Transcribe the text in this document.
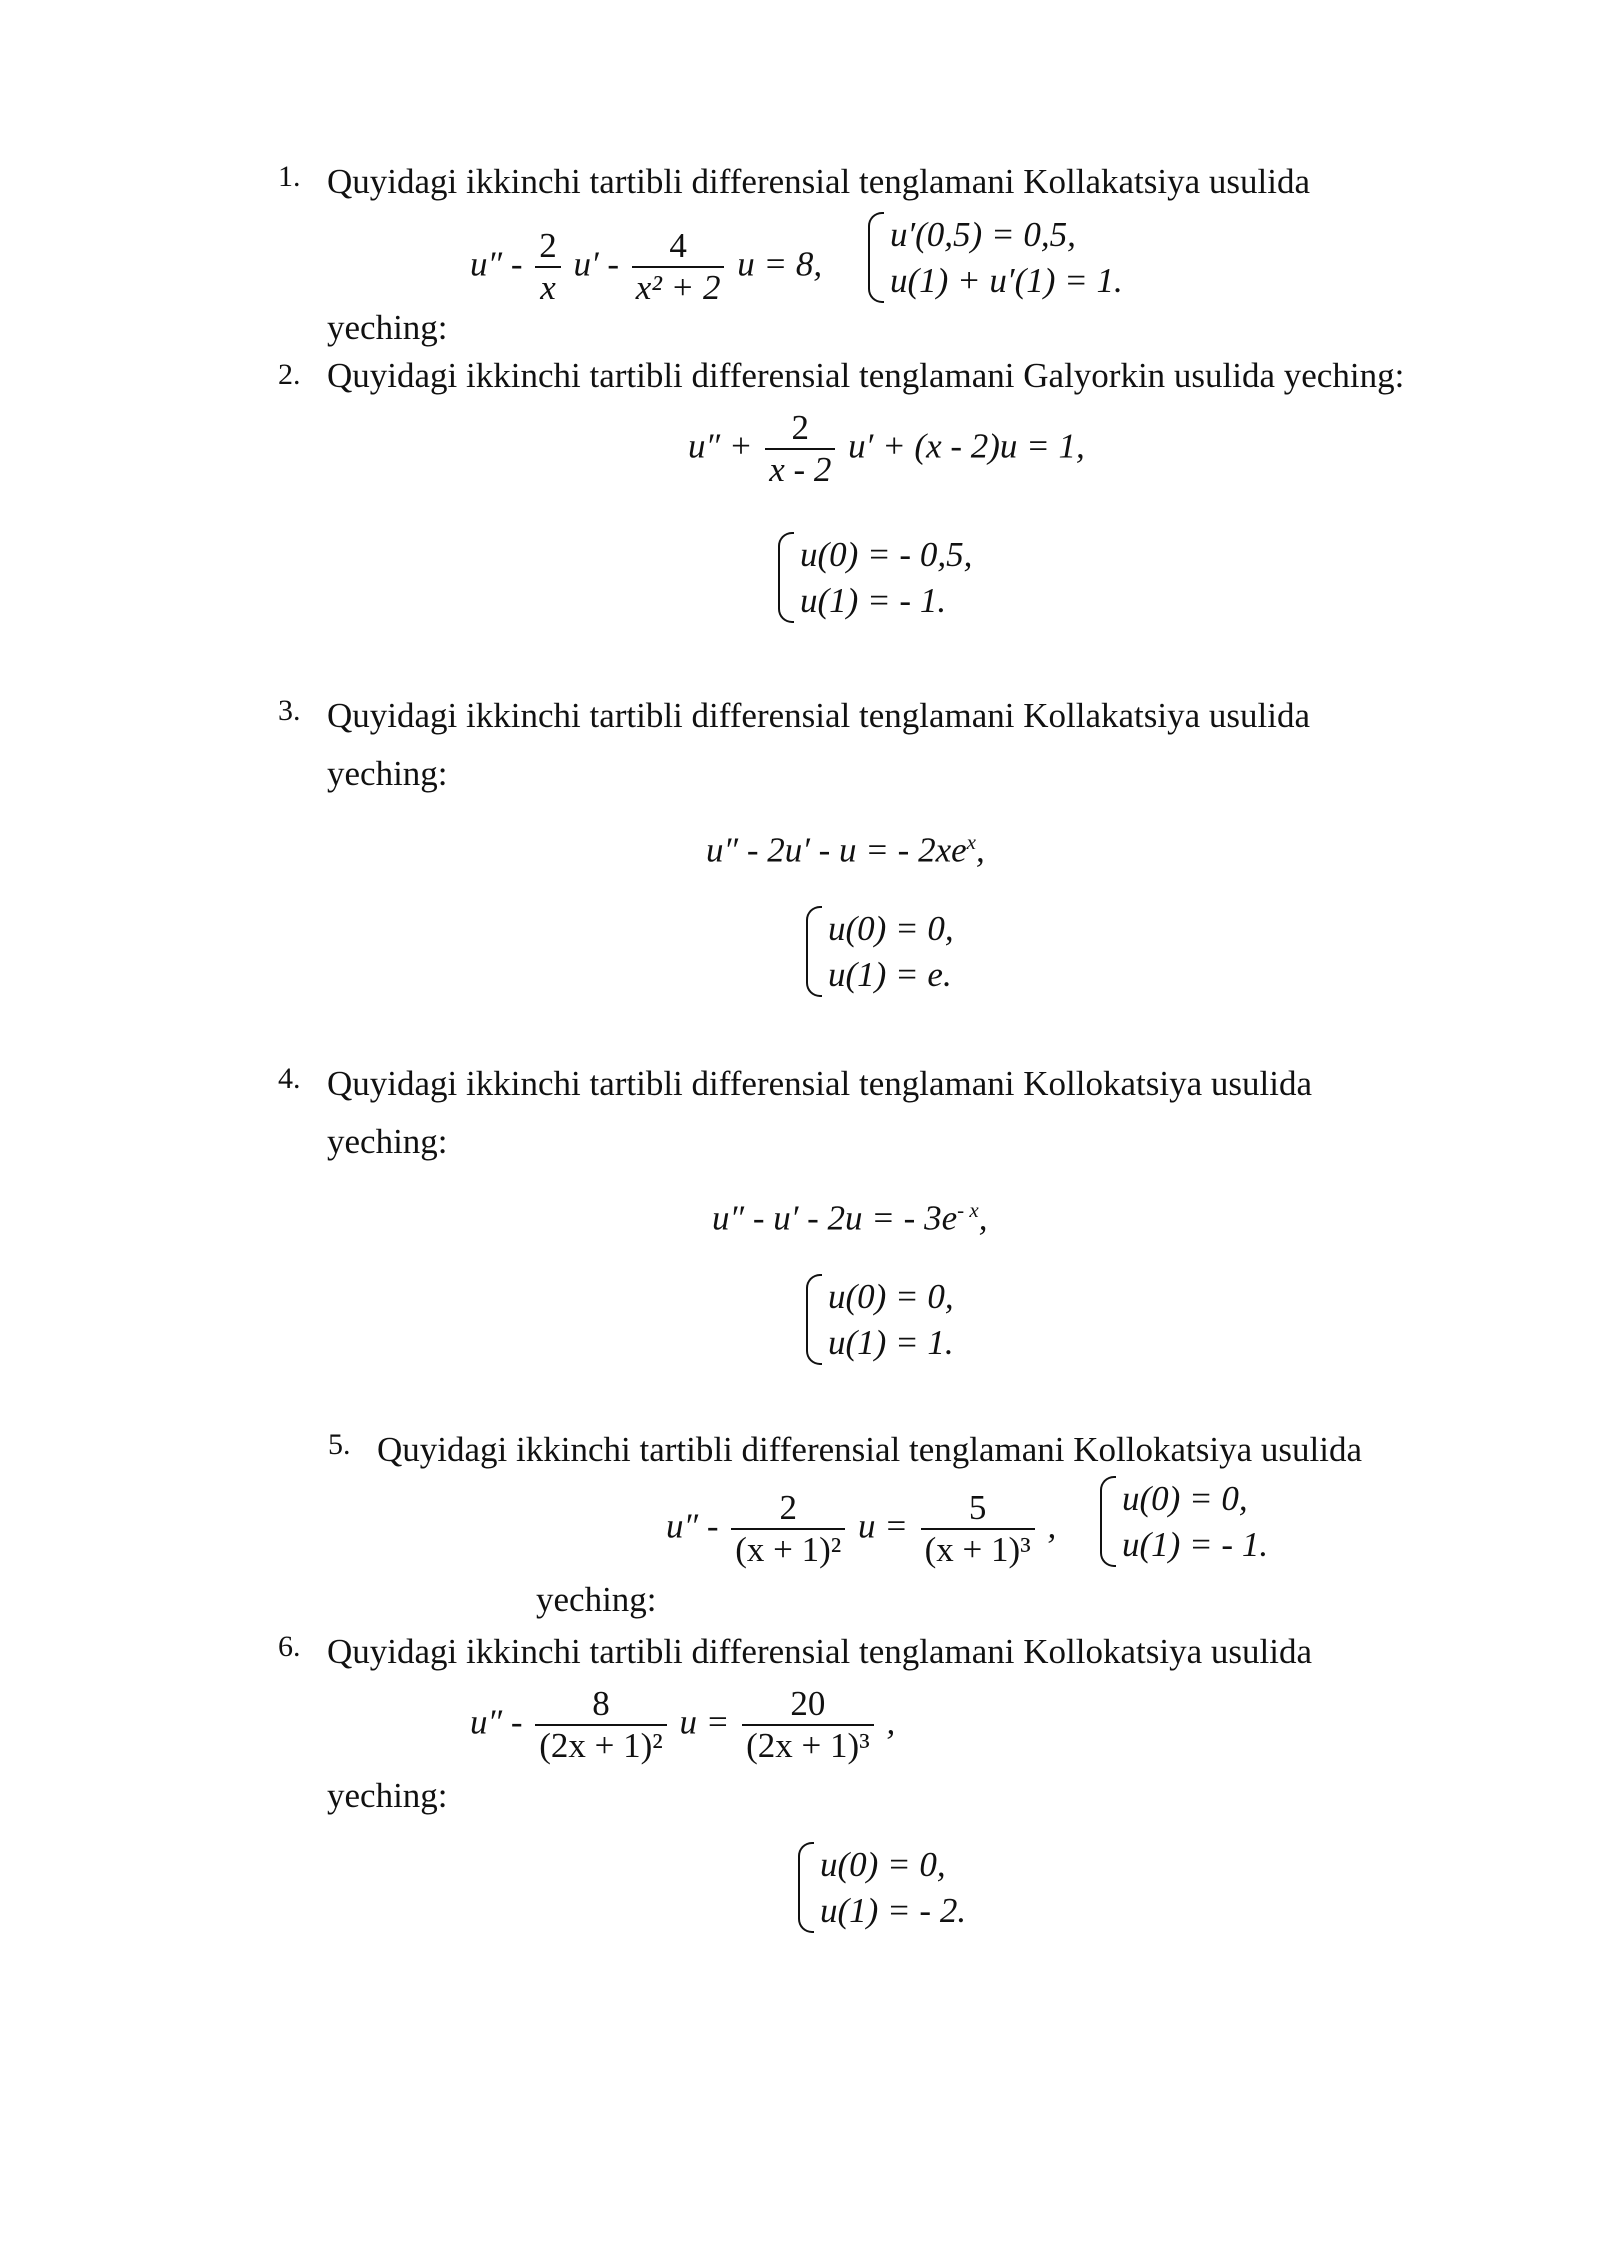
1. Quyidagi ikkinchi tartibli differensial tenglamani Kollakatsiya usulida
$u'' - \frac{2}{x} u' - \frac{4}{\text{x² + 2}}$ u = 8,
u′(0,5) = 0,5,
u(1) + u′(1) = 1.
yeching:
2. Quyidagi ikkinchi tartibli differensial tenglamani Galyorkin usulida yeching:
$u'' + \frac{2}{x - 2} u' + (x - 2)u = 1$,
u(0) = - 0,5,
u(1) = - 1.
3. Quyidagi ikkinchi tartibli differensial tenglamani Kollakatsiya usulida
yeching:
u″ - 2u′ - u = - $2xe^x$,
u(0) = 0,
u(1) = e.
4. Quyidagi ikkinchi tartibli differensial tenglamani Kollokatsiya usulida
yeching:
u″ - u′ - 2u = - $3e^{- x}$,
u(0) = 0,
u(1) = 1.
5. Quyidagi ikkinchi tartibli differensial tenglamani Kollokatsiya usulida
$u'' - \frac{2}{\text{(x + 1)²}}$ $u = \frac{5}{\text{(x + 1)³}}$ ,
u(0) = 0,
u(1) = - 1.
yeching:
6. Quyidagi ikkinchi tartibli differensial tenglamani Kollokatsiya usulida
$u'' - \frac{8}{\text{(2x + 1)²}}$ $u = \frac{20}{\text{(2x + 1)³}}$ ,
yeching:
u(0) = 0,
u(1) = - 2.
